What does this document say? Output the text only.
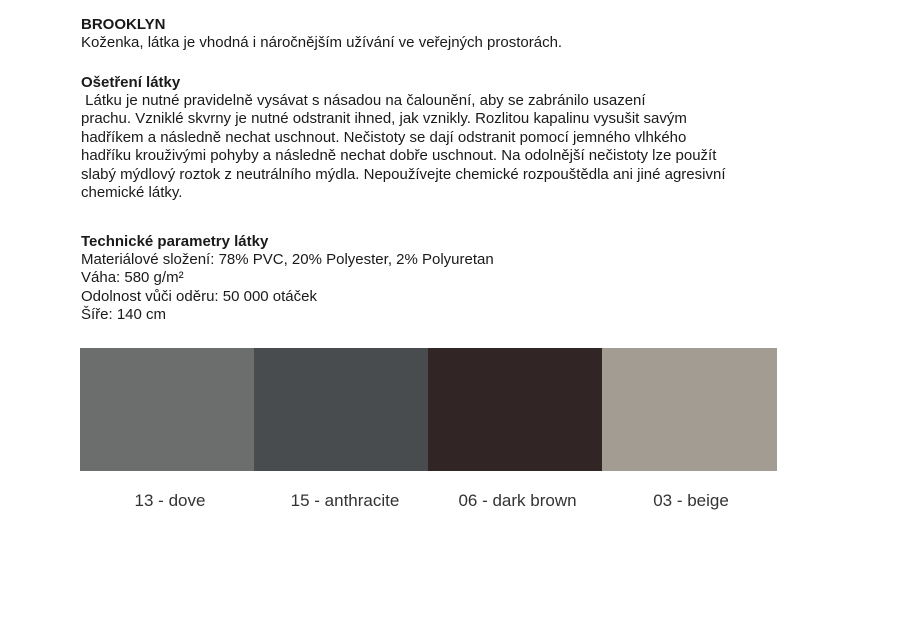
BROOKLYN

Koženka, látka je vhodná i náročnějším užívání ve veřejných prostorách.

Ošetření látky

Látku je nutné pravidelně vysávat s násadou na čalounění, aby se zabránilo usazení

prachu. Vzniklé skvrny je nutné odstranit ihned, jak vznikly. Rozlitou kapalinu vysušit savým

hadříkem a následně nechat uschnout. Nečistoty se dají odstranit pomocí jemného vlhkého

hadříku krouživými pohyby a následně nechat dobře uschnout. Na odolnější nečistoty lze použít

slabý mýdlový roztok z neutrálního mýdla. Nepoužívejte chemické rozpouštědla ani jiné agresivní

chemické látky.

Technické parametry látky

Materiálové složení: 78% PVC, 20% Polyester, 2% Polyuretan

Váha: 580 g/m²

Odolnost vůči oděru: 50 000 otáček

Šíře: 140 cm

13 - dove	15 - anthracite	06 - dark brown	03 - beige
